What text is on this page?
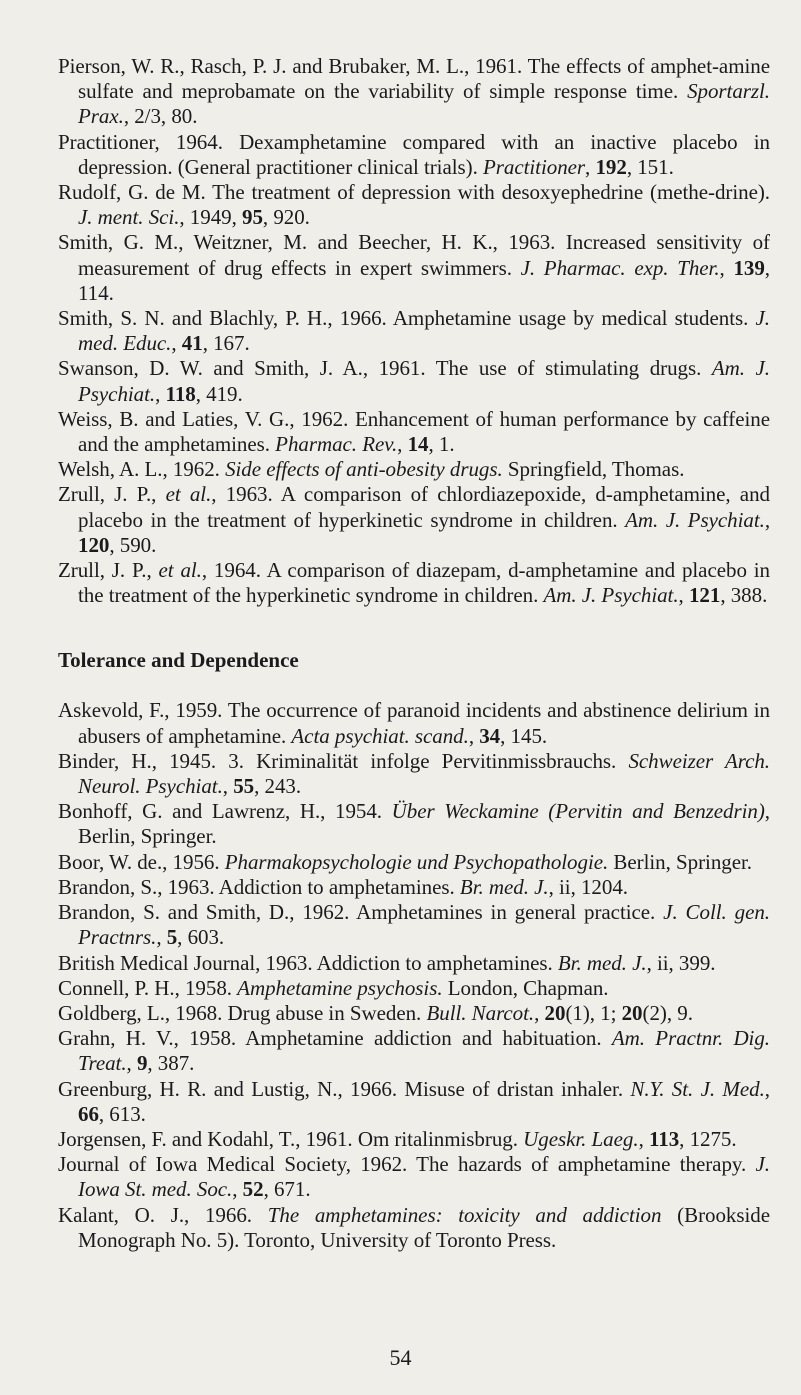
Pierson, W. R., Rasch, P. J. and Brubaker, M. L., 1961. The effects of amphet-amine sulfate and meprobamate on the variability of simple response time. Sportarzl. Prax., 2/3, 80.
Practitioner, 1964. Dexamphetamine compared with an inactive placebo in depression. (General practitioner clinical trials). Practitioner, 192, 151.
Rudolf, G. de M. The treatment of depression with desoxyephedrine (methe-drine). J. ment. Sci., 1949, 95, 920.
Smith, G. M., Weitzner, M. and Beecher, H. K., 1963. Increased sensitivity of measurement of drug effects in expert swimmers. J. Pharmac. exp. Ther., 139, 114.
Smith, S. N. and Blachly, P. H., 1966. Amphetamine usage by medical students. J. med. Educ., 41, 167.
Swanson, D. W. and Smith, J. A., 1961. The use of stimulating drugs. Am. J. Psychiat., 118, 419.
Weiss, B. and Laties, V. G., 1962. Enhancement of human performance by caffeine and the amphetamines. Pharmac. Rev., 14, 1.
Welsh, A. L., 1962. Side effects of anti-obesity drugs. Springfield, Thomas.
Zrull, J. P., et al., 1963. A comparison of chlordiazepoxide, d-amphetamine, and placebo in the treatment of hyperkinetic syndrome in children. Am. J. Psychiat., 120, 590.
Zrull, J. P., et al., 1964. A comparison of diazepam, d-amphetamine and placebo in the treatment of the hyperkinetic syndrome in children. Am. J. Psychiat., 121, 388.
Tolerance and Dependence
Askevold, F., 1959. The occurrence of paranoid incidents and abstinence delirium in abusers of amphetamine. Acta psychiat. scand., 34, 145.
Binder, H., 1945. 3. Kriminalität infolge Pervitinmissbrauchs. Schweizer Arch. Neurol. Psychiat., 55, 243.
Bonhoff, G. and Lawrenz, H., 1954. Über Weckamine (Pervitin and Benzedrin), Berlin, Springer.
Boor, W. de., 1956. Pharmakopsychologie und Psychopathologie. Berlin, Springer.
Brandon, S., 1963. Addiction to amphetamines. Br. med. J., ii, 1204.
Brandon, S. and Smith, D., 1962. Amphetamines in general practice. J. Coll. gen. Practnrs., 5, 603.
British Medical Journal, 1963. Addiction to amphetamines. Br. med. J., ii, 399.
Connell, P. H., 1958. Amphetamine psychosis. London, Chapman.
Goldberg, L., 1968. Drug abuse in Sweden. Bull. Narcot., 20(1), 1; 20(2), 9.
Grahn, H. V., 1958. Amphetamine addiction and habituation. Am. Practnr. Dig. Treat., 9, 387.
Greenburg, H. R. and Lustig, N., 1966. Misuse of dristan inhaler. N.Y. St. J. Med., 66, 613.
Jorgensen, F. and Kodahl, T., 1961. Om ritalinmisbrug. Ugeskr. Laeg., 113, 1275.
Journal of Iowa Medical Society, 1962. The hazards of amphetamine therapy. J. Iowa St. med. Soc., 52, 671.
Kalant, O. J., 1966. The amphetamines: toxicity and addiction (Brookside Monograph No. 5). Toronto, University of Toronto Press.
54
